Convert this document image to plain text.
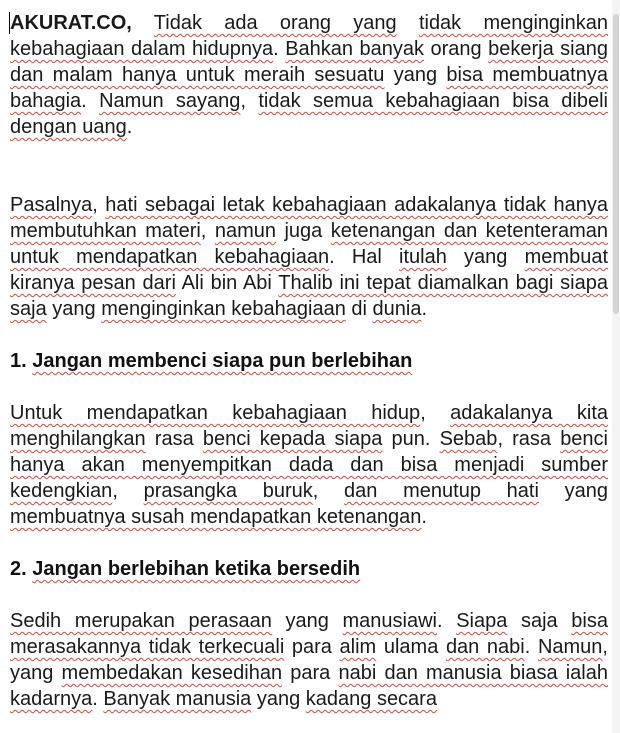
AKURAT.CO, Tidak ada orang yang tidak menginginkan kebahagiaan dalam hidupnya. Bahkan banyak orang bekerja siang dan malam hanya untuk meraih sesuatu yang bisa membuatnya bahagia. Namun sayang, tidak semua kebahagiaan bisa dibeli dengan uang.

Pasalnya, hati sebagai letak kebahagiaan adakalanya tidak hanya membutuhkan materi, namun juga ketenangan dan ketenteraman untuk mendapatkan kebahagiaan. Hal itulah yang membuat kiranya pesan dari Ali bin Abi Thalib ini tepat diamalkan bagi siapa saja yang menginginkan kebahagiaan di dunia.

1. Jangan membenci siapa pun berlebihan

Untuk mendapatkan kebahagiaan hidup, adakalanya kita menghilangkan rasa benci kepada siapa pun. Sebab, rasa benci hanya akan menyempitkan dada dan bisa menjadi sumber kedengkian, prasangka buruk, dan menutup hati yang membuatnya susah mendapatkan ketenangan.

2. Jangan berlebihan ketika bersedih

Sedih merupakan perasaan yang manusiawi. Siapa saja bisa merasakannya tidak terkecuali para alim ulama dan nabi. Namun, yang membedakan kesedihan para nabi dan manusia biasa ialah kadarnya. Banyak manusia yang kadang secara
